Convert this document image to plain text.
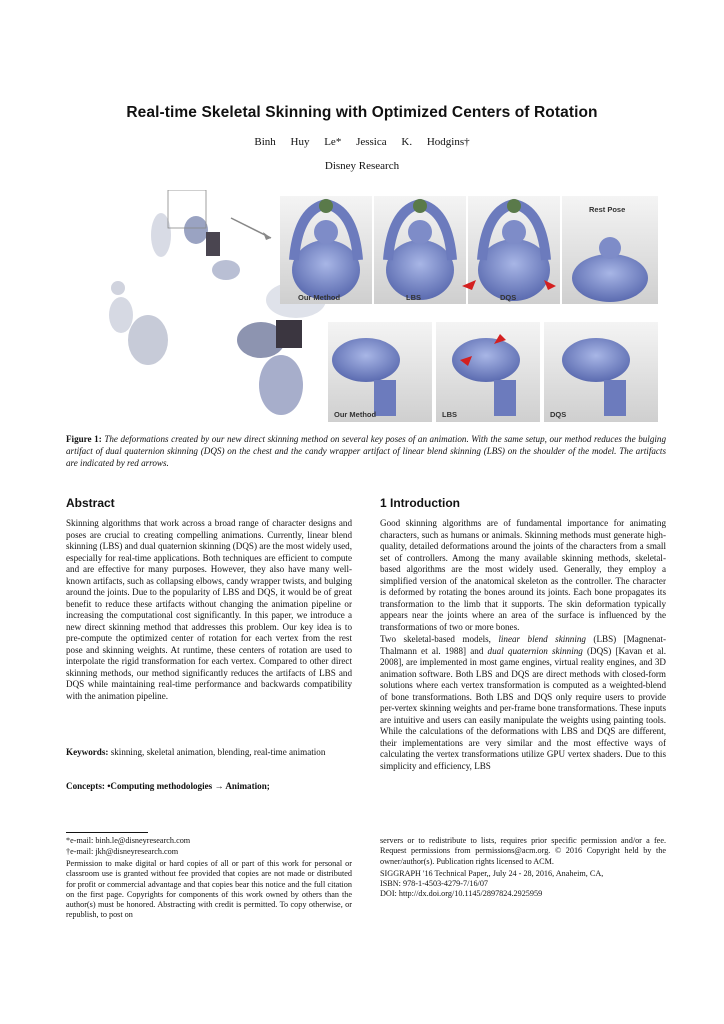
Real-time Skeletal Skinning with Optimized Centers of Rotation
Binh Huy Le* Jessica K. Hodgins†
Disney Research
Our Method	LBS	DQS
Rest Pose
Our Method	LBS	DQS
Figure 1: The deformations created by our new direct skinning method on several key poses of an animation. With the same setup, our method reduces the bulging artifact of dual quaternion skinning (DQS) on the chest and the candy wrapper artifact of linear blend skinning (LBS) on the shoulder of the model. The artifacts are indicated by red arrows.
Abstract

Skinning algorithms that work across a broad range of character designs and poses are crucial to creating compelling animations. Currently, linear blend skinning (LBS) and dual quaternion skinning (DQS) are the most widely used, especially for real-time applications. Both techniques are efficient to compute and are effective for many purposes. However, they also have many well-known artifacts, such as collapsing elbows, candy wrapper twists, and bulging around the joints. Due to the popularity of LBS and DQS, it would be of great benefit to reduce these artifacts without changing the animation pipeline or increasing the computational cost significantly. In this paper, we introduce a new direct skinning method that addresses this problem. Our key idea is to pre-compute the optimized center of rotation for each vertex from the rest pose and skinning weights. At runtime, these centers of rotation are used to interpolate the rigid transformation for each vertex. Compared to other direct skinning methods, our method significantly reduces the artifacts of LBS and DQS while maintaining real-time performance and backwards compatibility with the animation pipeline.

Keywords: skinning, skeletal animation, blending, real-time animation

Concepts: •Computing methodologies → Animation;

*e-mail: binh.le@disneyresearch.com

†e-mail: jkh@disneyresearch.com

Permission to make digital or hard copies of all or part of this work for personal or classroom use is granted without fee provided that copies are not made or distributed for profit or commercial advantage and that copies bear this notice and the full citation on the first page. Copyrights for components of this work owned by others than the author(s) must be honored. Abstracting with credit is permitted. To copy otherwise, or republish, to post on

1 Introduction

Good skinning algorithms are of fundamental importance for animating characters, such as humans or animals. Skinning methods must generate high-quality, detailed deformations around the joints of the characters from a small set of controllers. Among the many available skinning methods, skeletal-based algorithms are the most widely used. Generally, they employ a simplified version of the anatomical skeleton as the controller. The character is deformed by rotating the bones around its joints. Each bone propagates its transformation to the limb that it supports. The skin deformation typically appears near the joints where an area of the surface is influenced by the transformations of two or more bones.

Two skeletal-based models, linear blend skinning (LBS) [Magnenat-Thalmann et al. 1988] and dual quaternion skinning (DQS) [Kavan et al. 2008], are implemented in most game engines, virtual reality engines, and 3D animation software. Both LBS and DQS are direct methods with closed-form solutions where each vertex transformation is computed as a weighted-blend of bone transformations. Both LBS and DQS only require users to provide per-vertex skinning weights and per-frame bone transformations. These inputs are intuitive and users can easily manipulate the weights using painting tools. While the calculations of the deformations with LBS and DQS are different, their implementations are very similar and the most effective ways of calculating the vertex transformations utilize GPU vertex shaders. Due to this simplicity and efficiency, LBS

servers or to redistribute to lists, requires prior specific permission and/or a fee. Request permissions from permissions@acm.org. © 2016 Copyright held by the owner/author(s). Publication rights licensed to ACM.

SIGGRAPH '16 Technical Paper,, July 24 - 28, 2016, Anaheim, CA,

ISBN: 978-1-4503-4279-7/16/07

DOI: http://dx.doi.org/10.1145/2897824.2925959
